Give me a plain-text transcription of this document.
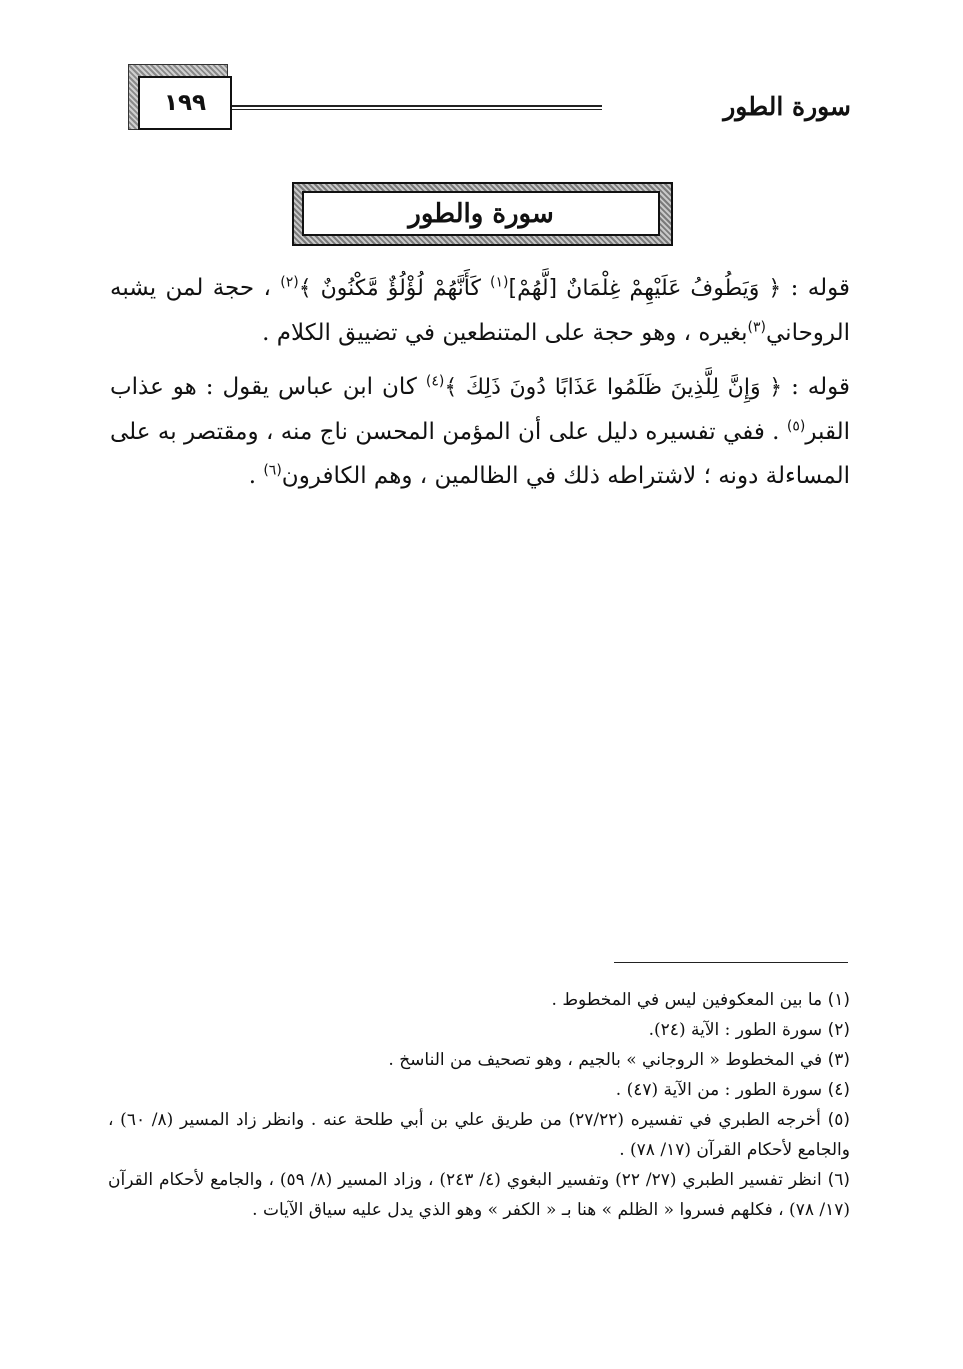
سورة الطور
١٩٩
سورة والطور

قوله : ﴿ وَيَطُوفُ عَلَيْهِمْ غِلْمَانٌ [لَّهُمْ]$^{(١)}$ كَأَنَّهُمْ لُؤْلُؤٌ مَّكْنُونٌ ﴾$^{(٢)}$ ، حجة لمن يشبه الروحاني$^{(٣)}$بغيره ، وهو حجة على المتنطعين في تضييق الكلام .

قوله : ﴿ وَإِنَّ لِلَّذِينَ ظَلَمُوا عَذَابًا دُونَ ذَلِكَ ﴾$^{(٤)}$ كان ابن عباس يقول : هو عذاب القبر$^{(٥)}$ . ففي تفسيره دليل على أن المؤمن المحسن ناج منه ، ومقتصر به على المساءلة دونه ؛ لاشتراطه ذلك في الظالمين ، وهم الكافرون$^{(٦)}$ .

(١) ما بين المعكوفين ليس في المخطوط .

(٢) سورة الطور : الآية (٢٤).

(٣) في المخطوط « الروجاني » بالجيم ، وهو تصحيف من الناسخ .

(٤) سورة الطور : من الآية (٤٧) .

(٥) أخرجه الطبري في تفسيره (٢٧/٢٢) من طريق علي بن أبي طلحة عنه . وانظر زاد المسير (٨/ ٦٠) ، والجامع لأحكام القرآن (١٧/ ٧٨) .

(٦) انظر تفسير الطبري (٢٧/ ٢٢) وتفسير البغوي (٤/ ٢٤٣) ، وزاد المسير (٨/ ٥٩) ، والجامع لأحكام القرآن (١٧/ ٧٨) ، فكلهم فسروا « الظلم » هنا بـ « الكفر » وهو الذي يدل عليه سياق الآيات .
